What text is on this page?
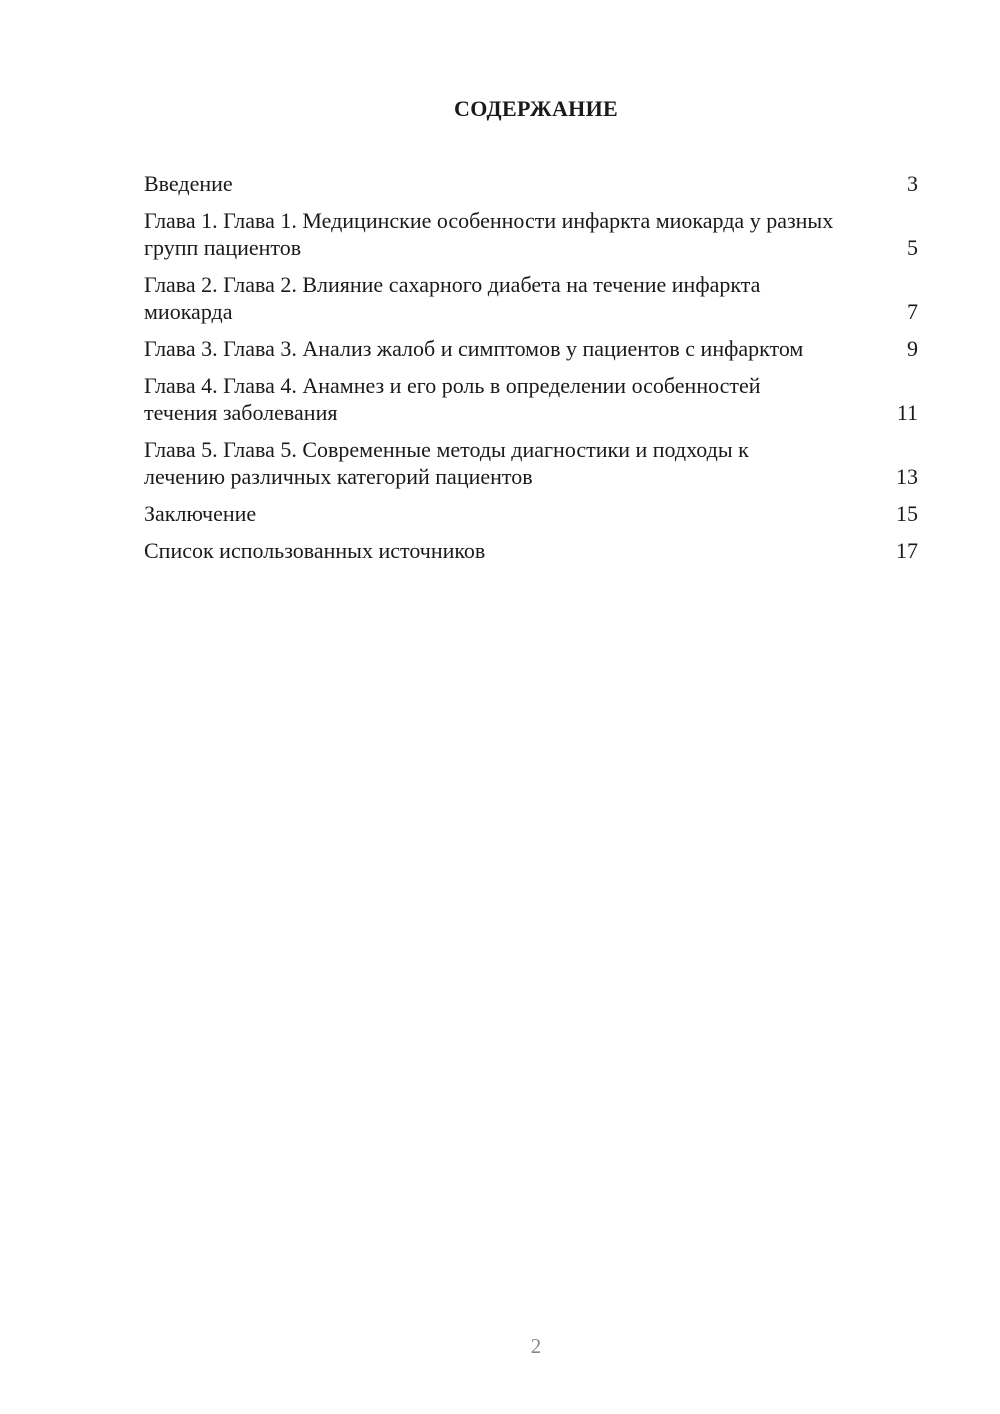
СОДЕРЖАНИЕ
Введение	3
Глава 1. Глава 1. Медицинские особенности инфаркта миокарда у разных групп пациентов	5
Глава 2. Глава 2. Влияние сахарного диабета на течение инфаркта миокарда	7
Глава 3. Глава 3. Анализ жалоб и симптомов у пациентов с инфарктом	9
Глава 4. Глава 4. Анамнез и его роль в определении особенностей течения заболевания	11
Глава 5. Глава 5. Современные методы диагностики и подходы к лечению различных категорий пациентов	13
Заключение	15
Список использованных источников	17
2
